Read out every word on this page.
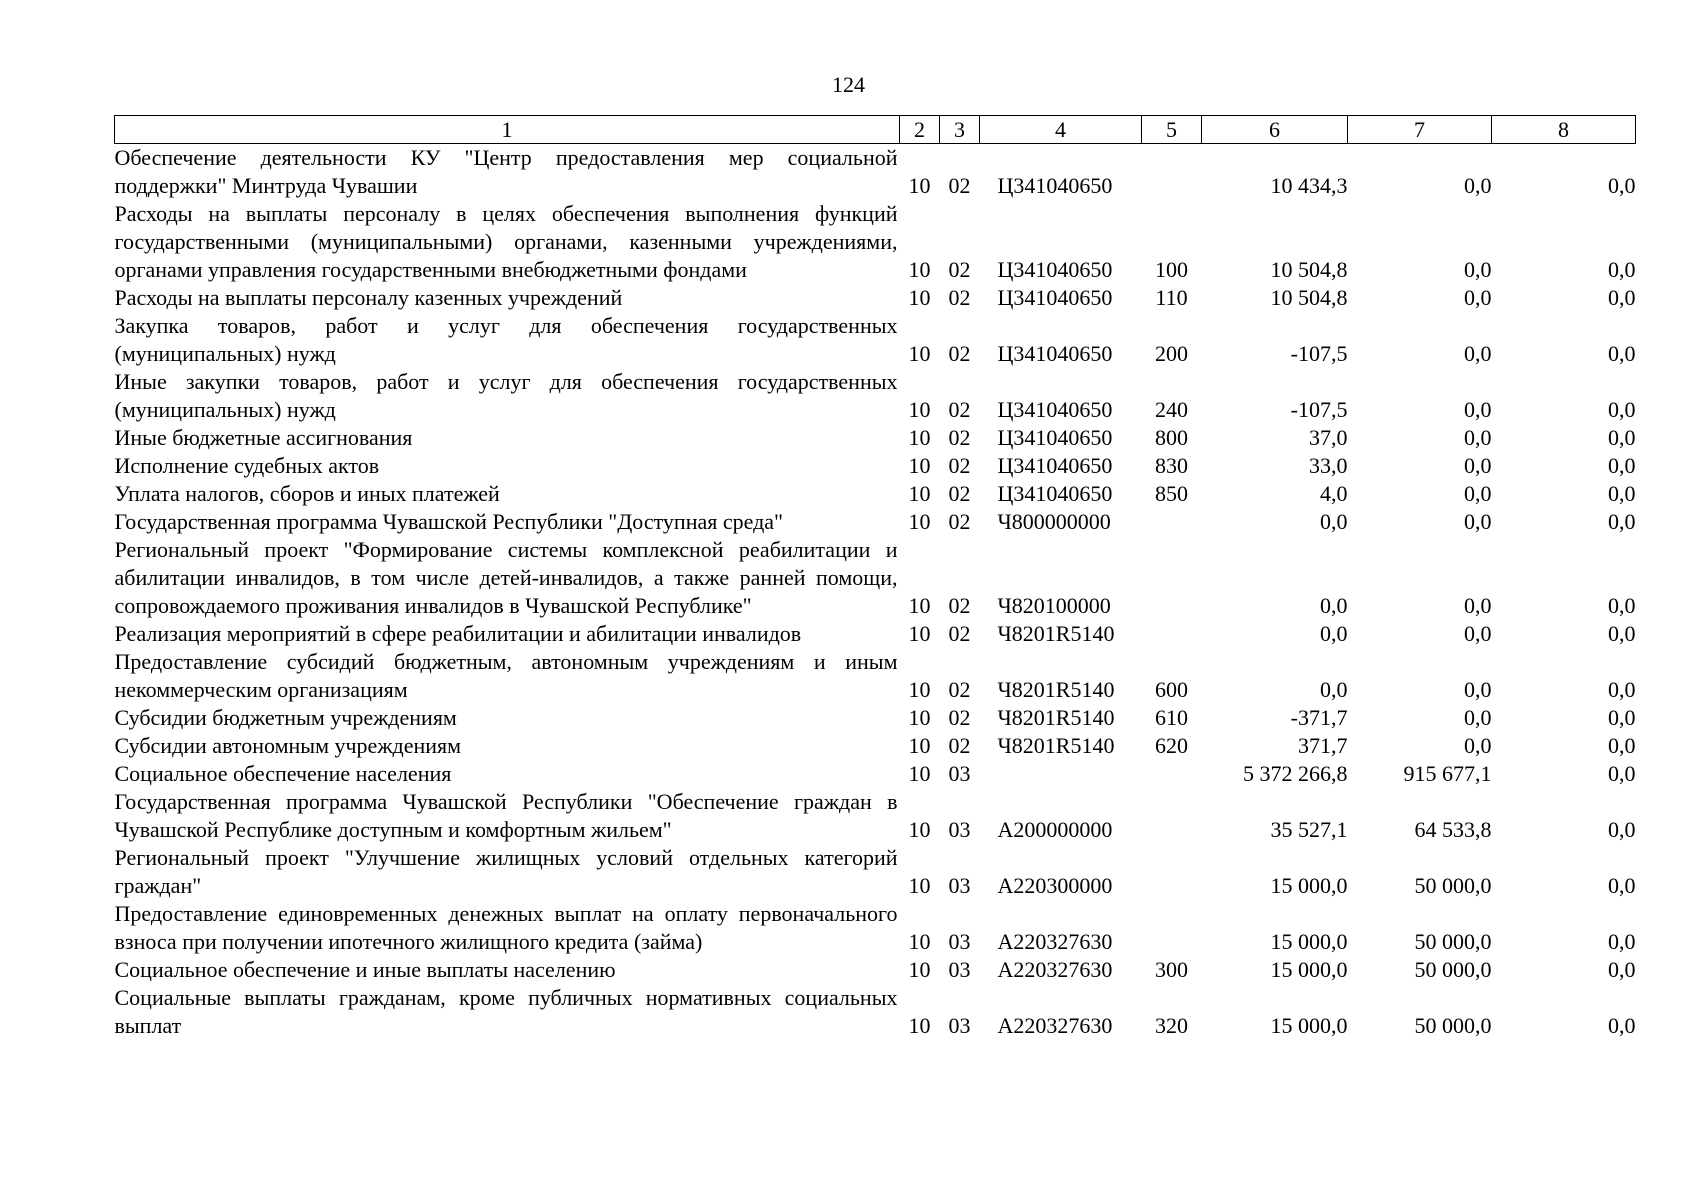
124
1	2	3	4	5	6	7	8
Обеспечение деятельности КУ "Центр предоставления мер социальной поддержки" Минтруда Чувашии	10	02	Ц341040650		10 434,3	0,0	0,0
Расходы на выплаты персоналу в целях обеспечения выполнения функций государственными (муниципальными) органами, казенными учреждениями, органами управления государственными внебюджетными фондами	10	02	Ц341040650	100	10 504,8	0,0	0,0
Расходы на выплаты персоналу казенных учреждений	10	02	Ц341040650	110	10 504,8	0,0	0,0
Закупка товаров, работ и услуг для обеспечения государственных (муниципальных) нужд	10	02	Ц341040650	200	-107,5	0,0	0,0
Иные закупки товаров, работ и услуг для обеспечения государственных (муниципальных) нужд	10	02	Ц341040650	240	-107,5	0,0	0,0
Иные бюджетные ассигнования	10	02	Ц341040650	800	37,0	0,0	0,0
Исполнение судебных актов	10	02	Ц341040650	830	33,0	0,0	0,0
Уплата налогов, сборов и иных платежей	10	02	Ц341040650	850	4,0	0,0	0,0
Государственная программа Чувашской Республики "Доступная среда"	10	02	Ч800000000		0,0	0,0	0,0
Региональный проект "Формирование системы комплексной реабилитации и абилитации инвалидов, в том числе детей-инвалидов, а также ранней помощи, сопровождаемого проживания инвалидов в Чувашской Республике"	10	02	Ч820100000		0,0	0,0	0,0
Реализация мероприятий в сфере реабилитации и абилитации инвалидов	10	02	Ч8201R5140		0,0	0,0	0,0
Предоставление субсидий бюджетным, автономным учреждениям и иным некоммерческим организациям	10	02	Ч8201R5140	600	0,0	0,0	0,0
Субсидии бюджетным учреждениям	10	02	Ч8201R5140	610	-371,7	0,0	0,0
Субсидии автономным учреждениям	10	02	Ч8201R5140	620	371,7	0,0	0,0
Социальное обеспечение населения	10	03			5 372 266,8	915 677,1	0,0
Государственная программа Чувашской Республики "Обеспечение граждан в Чувашской Республике доступным и комфортным жильем"	10	03	А200000000		35 527,1	64 533,8	0,0
Региональный проект "Улучшение жилищных условий отдельных категорий граждан"	10	03	А220300000		15 000,0	50 000,0	0,0
Предоставление единовременных денежных выплат на оплату первоначального взноса при получении ипотечного жилищного кредита (займа)	10	03	А220327630		15 000,0	50 000,0	0,0
Социальное обеспечение и иные выплаты населению	10	03	А220327630	300	15 000,0	50 000,0	0,0
Социальные выплаты гражданам, кроме публичных нормативных социальных выплат	10	03	А220327630	320	15 000,0	50 000,0	0,0
